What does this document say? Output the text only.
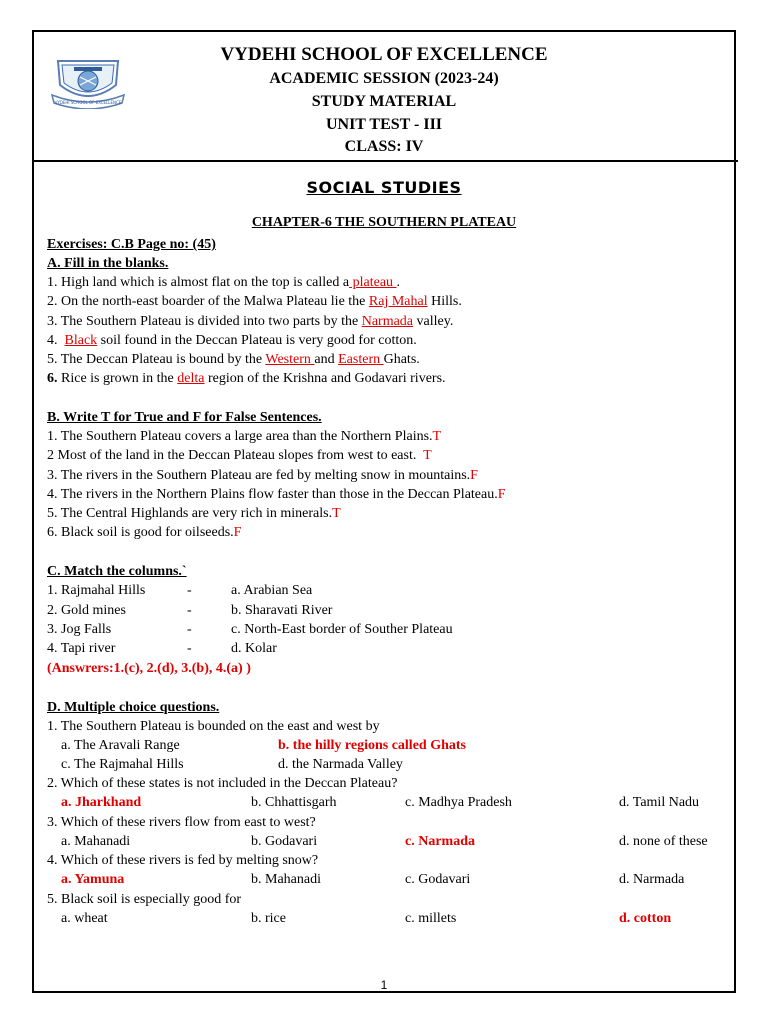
VYDEHI SCHOOL OF EXCELLENCE
VYDEHI SCHOOL OF EXCELLENCE
ACADEMIC SESSION (2023-24)
STUDY MATERIAL
UNIT TEST - III
CLASS: IV
SOCIAL STUDIES
CHAPTER-6 THE SOUTHERN PLATEAU
Exercises: C.B Page no: (45)
A. Fill in the blanks.
1. High land which is almost flat on the top is called a plateau .
2. On the north-east boarder of the Malwa Plateau lie the Raj Mahal Hills.
3. The Southern Plateau is divided into two parts by the Narmada valley.
4.  Black soil found in the Deccan Plateau is very good for cotton.
5. The Deccan Plateau is bound by the Western and Eastern Ghats.
6. Rice is grown in the delta region of the Krishna and Godavari rivers.
B. Write T for True and F for False Sentences.
1. The Southern Plateau covers a large area than the Northern Plains.T
2 Most of the land in the Deccan Plateau slopes from west to east.  T
3. The rivers in the Southern Plateau are fed by melting snow in mountains.F
4. The rivers in the Northern Plains flow faster than those in the Deccan Plateau.F
5. The Central Highlands are very rich in minerals.T
6. Black soil is good for oilseeds.F
C. Match the columns.`
1. Rajmahal Hills	-	a. Arabian Sea
2. Gold mines	-	b. Sharavati River
3. Jog Falls	-	c. North-East border of Souther Plateau
4. Tapi river	-	d. Kolar
(Answrers:1.(c), 2.(d), 3.(b), 4.(a) )
D. Multiple choice questions.
1. The Southern Plateau is bounded on the east and west by
a. The Aravali Range	b. the hilly regions called Ghats
c. The Rajmahal Hills	d. the Narmada Valley
2. Which of these states is not included in the Deccan Plateau?
a. Jharkhand	b. Chhattisgarh	c. Madhya Pradesh	d. Tamil Nadu
3. Which of these rivers flow from east to west?
a. Mahanadi	b. Godavari	c. Narmada	d. none of these
4. Which of these rivers is fed by melting snow?
a. Yamuna	b. Mahanadi	c. Godavari	d. Narmada
5. Black soil is especially good for
a. wheat	b. rice	c. millets	d. cotton
1
